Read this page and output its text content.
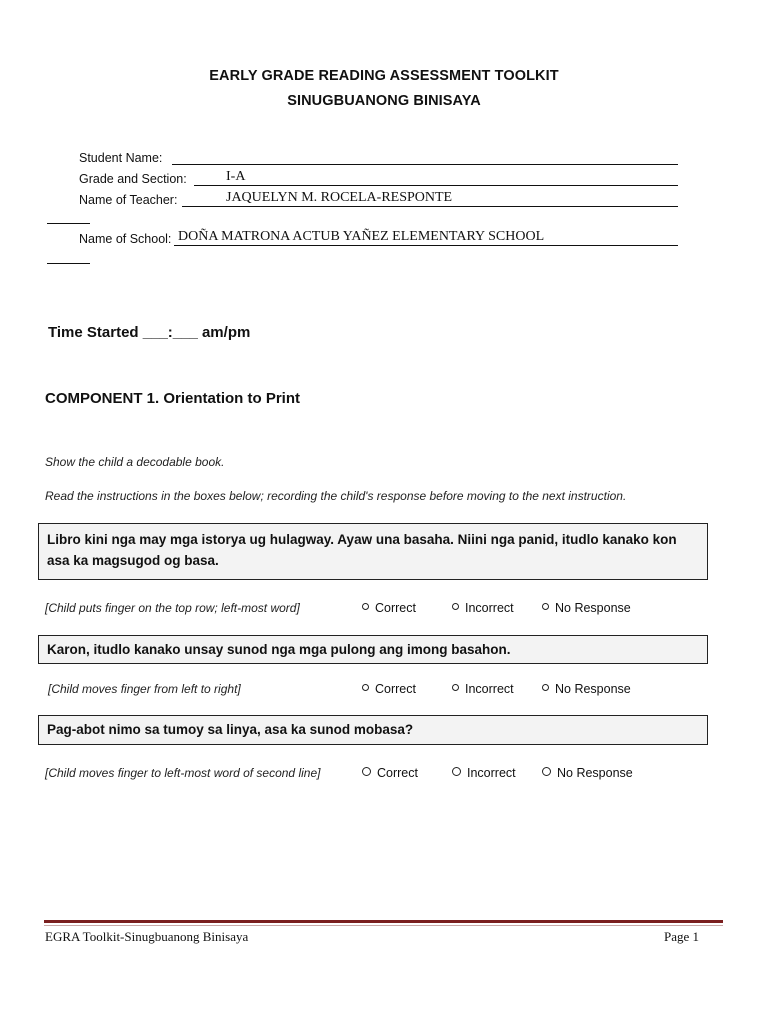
EARLY GRADE READING ASSESSMENT TOOLKIT
SINUGBUANONG BINISAYA
Student Name:
Grade and Section:	I-A
Name of Teacher:	JAQUELYN M. ROCELA-RESPONTE
Name of School: DOÑA MATRONA ACTUB YAÑEZ ELEMENTARY SCHOOL
Time Started ___:___ am/pm
COMPONENT 1. Orientation to Print
Show the child a decodable book.
Read the instructions in the boxes below; recording the child's response before moving to the next instruction.
Libro kini nga may mga istorya ug hulagway. Ayaw una basaha. Niini nga panid, itudlo kanako kon asa ka magsugod og basa.
[Child puts finger on the top row; left-most word]	Correct	Incorrect	No Response
Karon, itudlo kanako unsay sunod nga mga pulong ang imong basahon.
[Child moves finger from left to right]	Correct	Incorrect	No Response
Pag-abot nimo sa tumoy sa linya, asa ka sunod mobasa?
[Child moves finger to left-most word of second line]	Correct	Incorrect	No Response
EGRA Toolkit-Sinugbuanong Binisaya	Page 1
